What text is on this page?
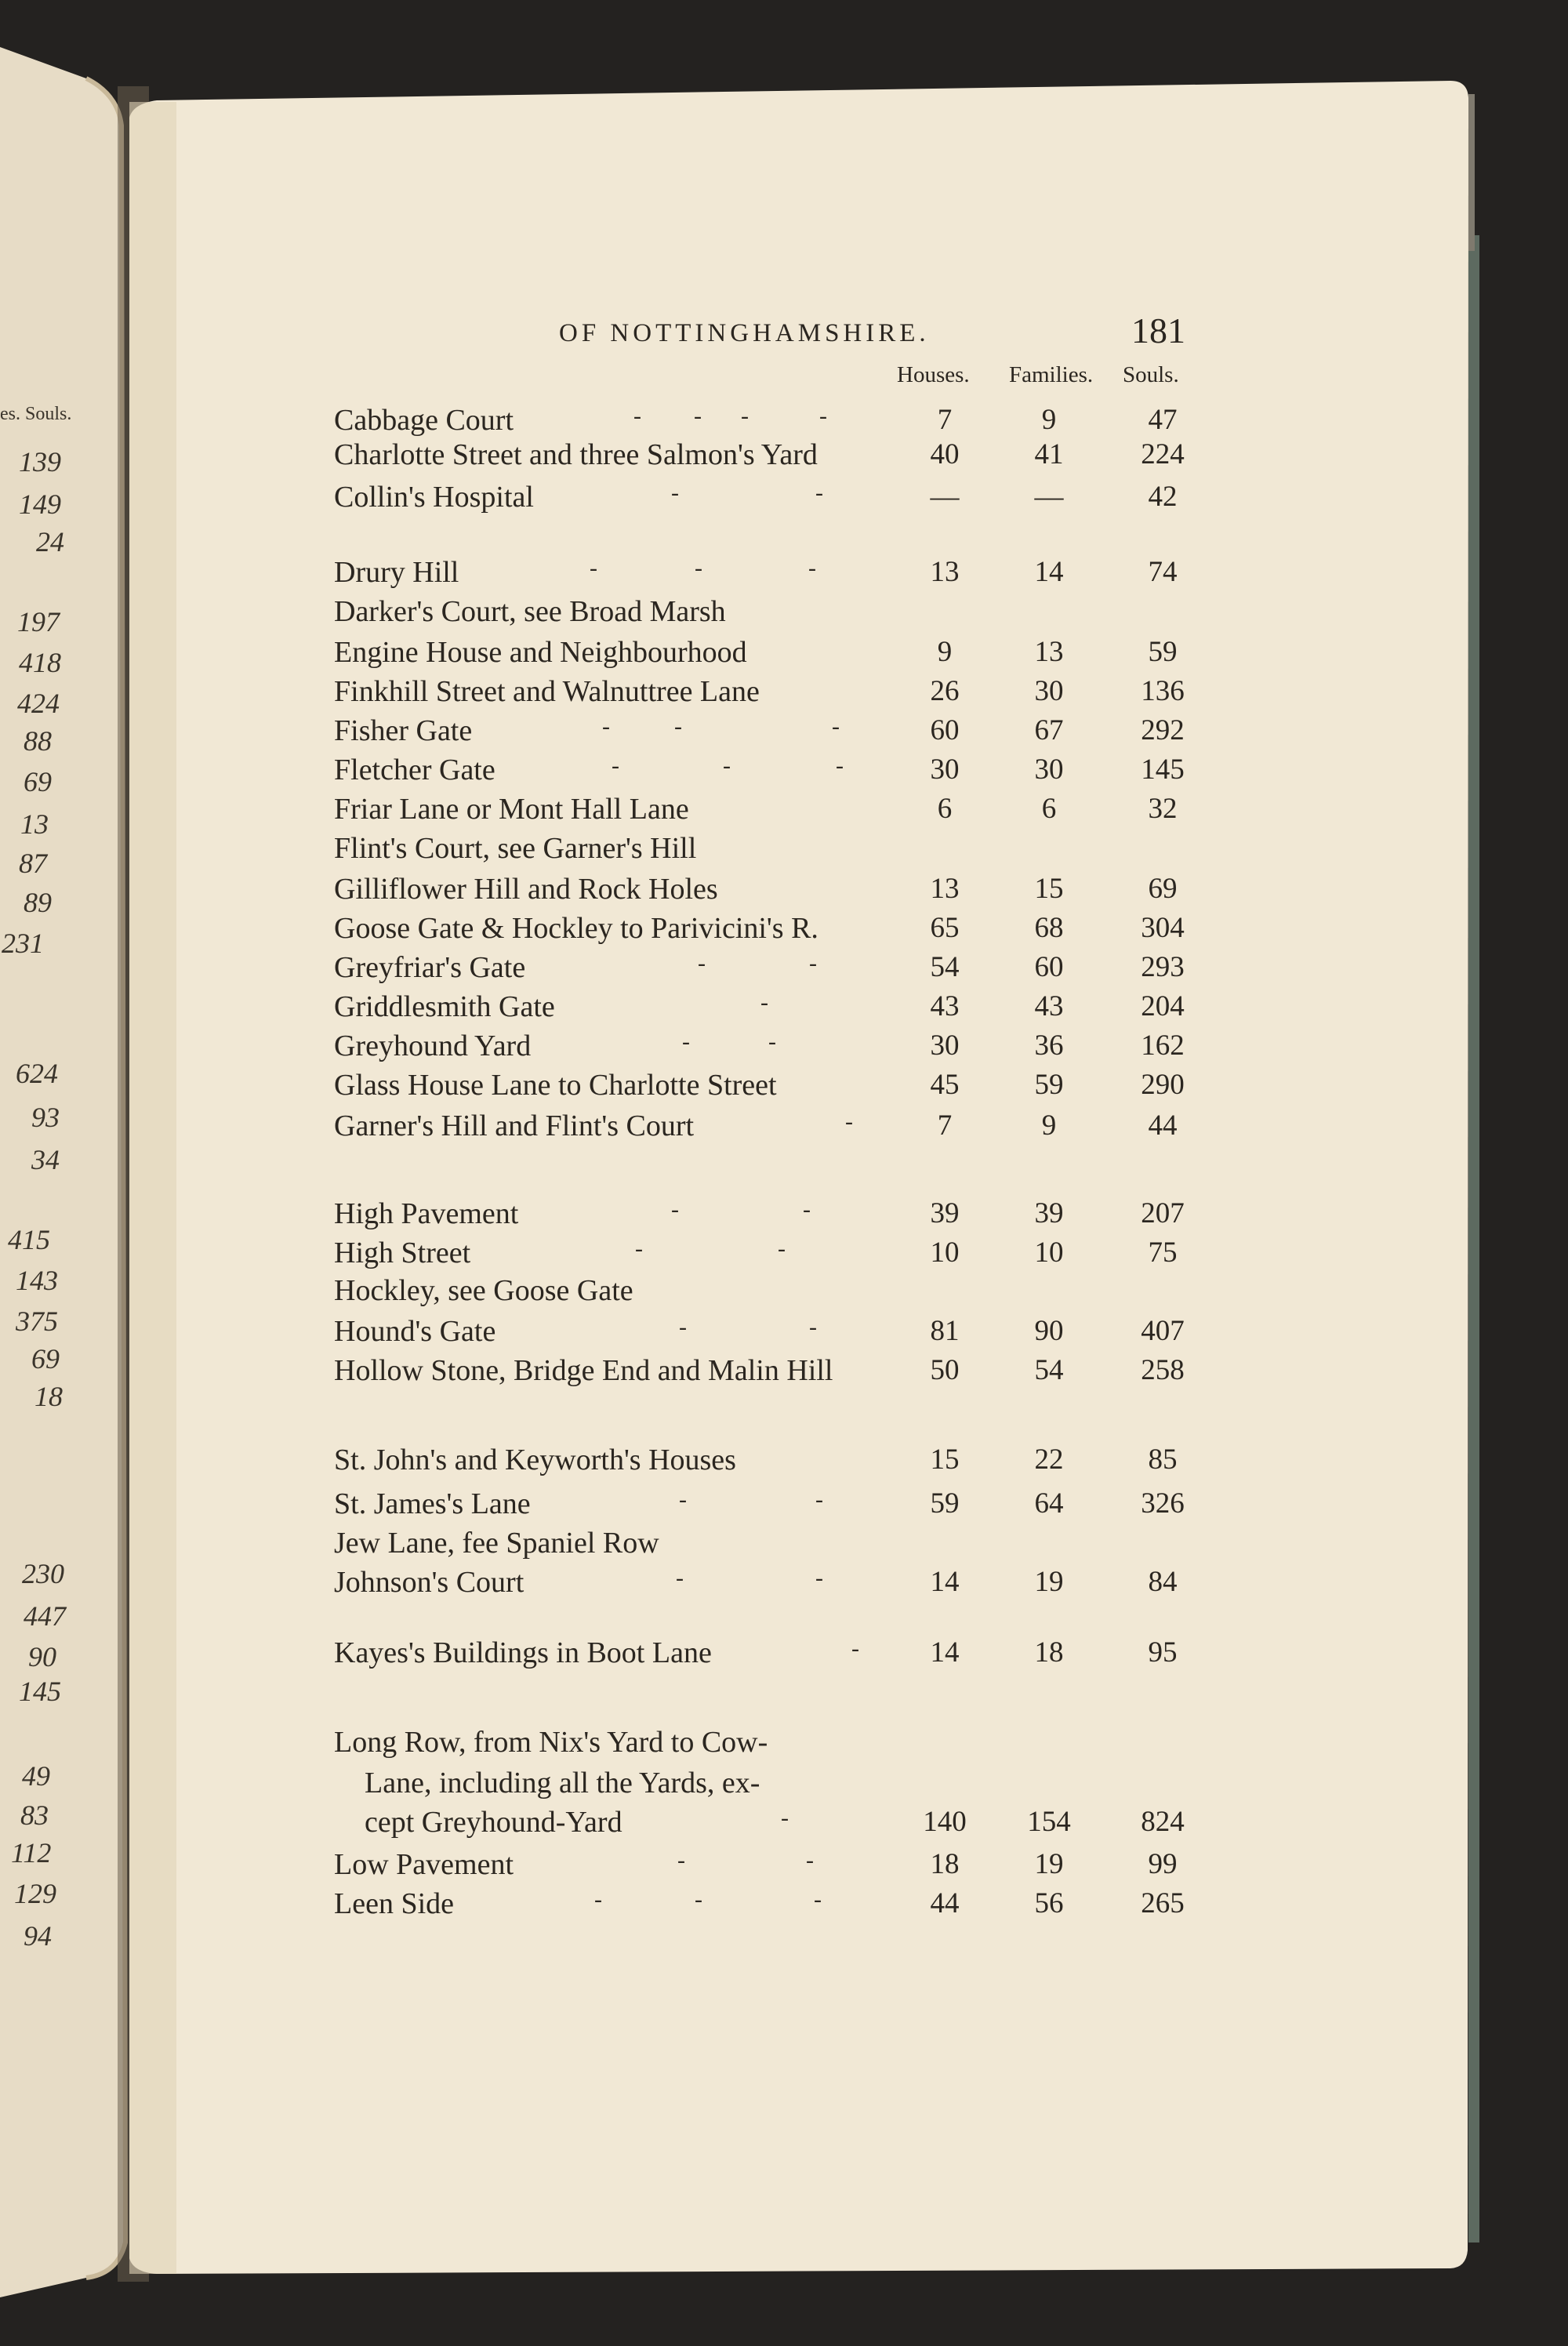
es. Souls.
139
149
24
197
418
424
88
69
13
87
89
231
624
93
34
415
143
375
69
18
230
447
90
145
49
83
112
129
94
OF NOTTINGHAMSHIRE.	181
Houses. Families. Souls.
Cabbage Court	- - -	-	7	9	47
Charlotte Street and three Salmon's Yard	40	41	224
Collin's Hospital	-	-	—	—	42
Drury Hill	-	-	-	13	14	74
Darker's Court, see Broad Marsh
Engine House and Neighbourhood	9	13	59
Finkhill Street and Walnuttree Lane	26	30	136
Fisher Gate	-	-	-	60	67	292
Fletcher Gate	-	-	-	30	30	145
Friar Lane or Mont Hall Lane	6	6	32
Flint's Court, see Garner's Hill
Gilliflower Hill and Rock Holes	13	15	69
Goose Gate & Hockley to Parivicini's R.	65	68	304
Greyfriar's Gate	-	-	54	60	293
Griddlesmith Gate	-	43	43	204
Greyhound Yard	-	-	30	36	162
Glass House Lane to Charlotte Street	45	59	290
Garner's Hill and Flint's Court	-	7	9	44
High Pavement	-	-	39	39	207
High Street	-	-	10	10	75
Hockley, see Goose Gate
Hound's Gate	-	-	81	90	407
Hollow Stone, Bridge End and Malin Hill	50	54	258
St. John's and Keyworth's Houses	15	22	85
St. James's Lane	-	-	59	64	326
Jew Lane, fee Spaniel Row
Johnson's Court	-	-	14	19	84
Kayes's Buildings in Boot Lane	-	14	18	95
Long Row, from Nix's Yard to Cow-
Lane, including all the Yards, ex-
cept Greyhound-Yard	-	140	154	824
Low Pavement	-	-	18	19	99
Leen Side	-	-	-	44	56	265
